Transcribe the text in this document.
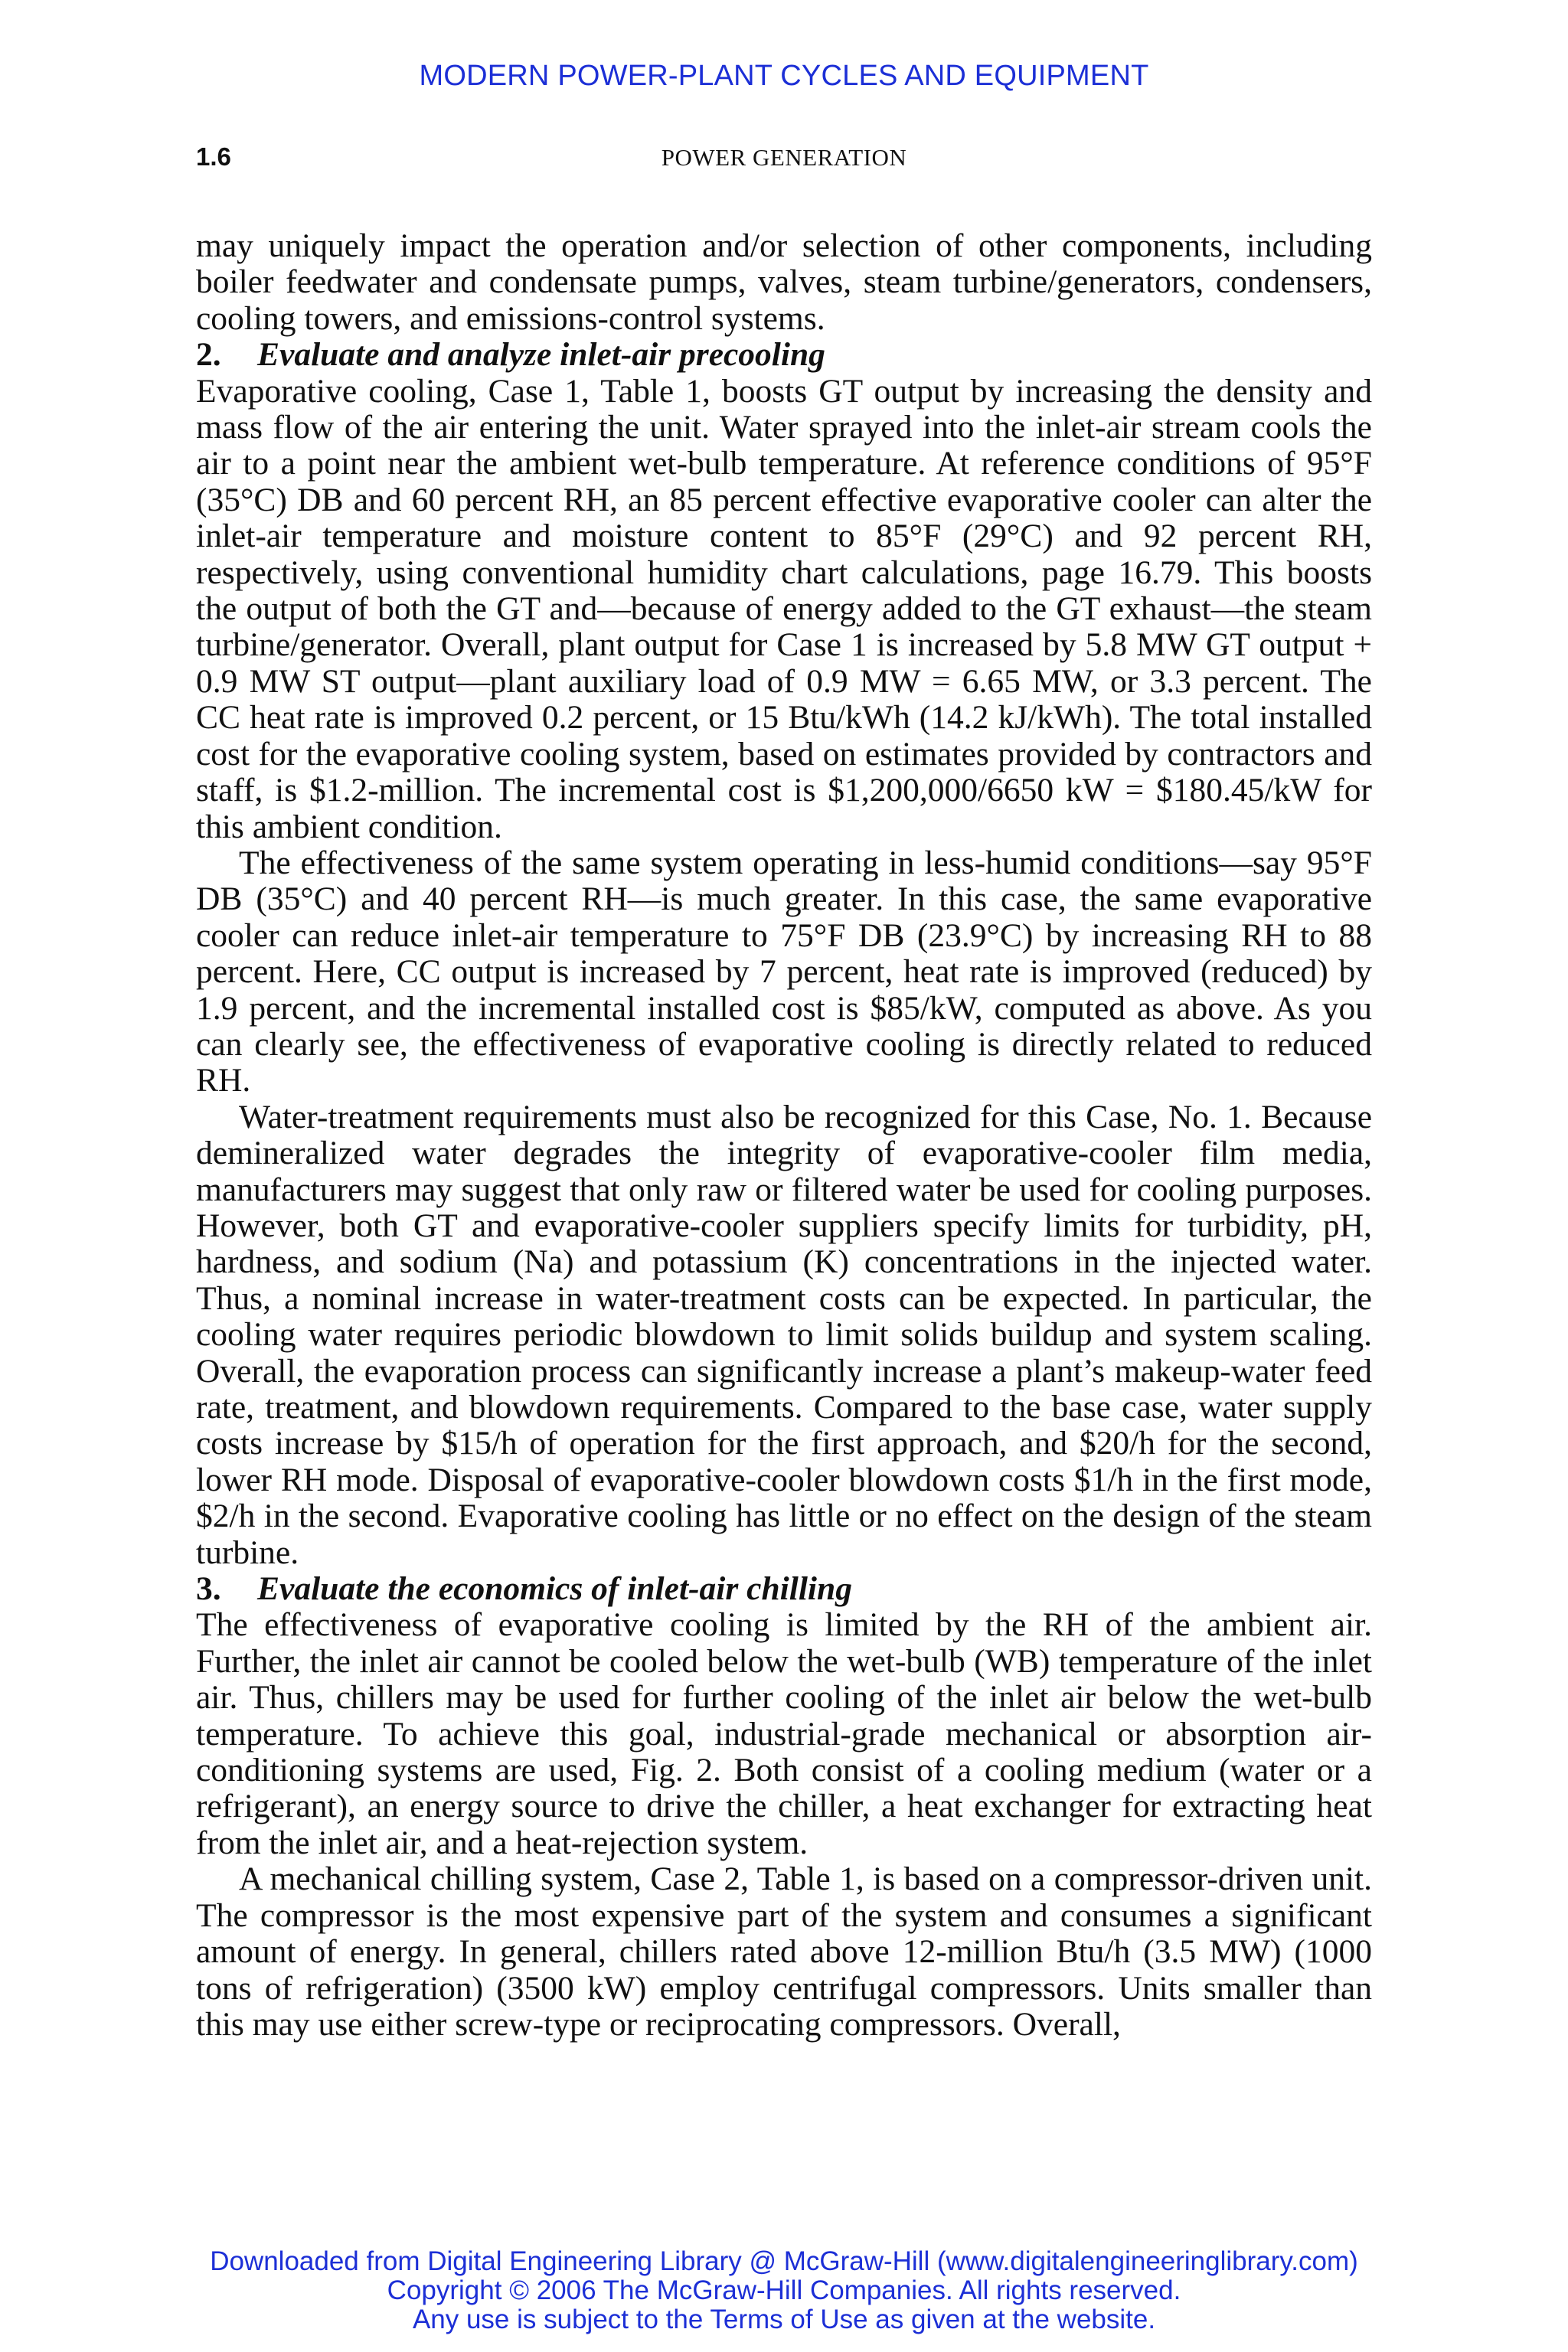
MODERN POWER-PLANT CYCLES AND EQUIPMENT
1.6	POWER GENERATION

may uniquely impact the operation and/or selection of other components, including boiler feedwater and condensate pumps, valves, steam turbine/generators, condensers, cooling towers, and emissions-control systems.

2. Evaluate and analyze inlet-air precooling

Evaporative cooling, Case 1, Table 1, boosts GT output by increasing the density and mass flow of the air entering the unit. Water sprayed into the inlet-air stream cools the air to a point near the ambient wet-bulb temperature. At reference conditions of 95°F (35°C) DB and 60 percent RH, an 85 percent effective evaporative cooler can alter the inlet-air temperature and moisture content to 85°F (29°C) and 92 percent RH, respectively, using conventional humidity chart calculations, page 16.79. This boosts the output of both the GT and—because of energy added to the GT exhaust—the steam turbine/generator. Overall, plant output for Case 1 is increased by 5.8 MW GT output + 0.9 MW ST output—plant auxiliary load of 0.9 MW = 6.65 MW, or 3.3 percent. The CC heat rate is improved 0.2 percent, or 15 Btu/kWh (14.2 kJ/kWh). The total installed cost for the evaporative cooling system, based on estimates provided by contractors and staff, is $1.2-million. The incremental cost is $1,200,000/6650 kW = $180.45/kW for this ambient condition.

The effectiveness of the same system operating in less-humid conditions—say 95°F DB (35°C) and 40 percent RH—is much greater. In this case, the same evaporative cooler can reduce inlet-air temperature to 75°F DB (23.9°C) by increasing RH to 88 percent. Here, CC output is increased by 7 percent, heat rate is improved (reduced) by 1.9 percent, and the incremental installed cost is $85/kW, computed as above. As you can clearly see, the effectiveness of evaporative cooling is directly related to reduced RH.

Water-treatment requirements must also be recognized for this Case, No. 1. Because demineralized water degrades the integrity of evaporative-cooler film media, manufacturers may suggest that only raw or filtered water be used for cooling purposes. However, both GT and evaporative-cooler suppliers specify limits for turbidity, pH, hardness, and sodium (Na) and potassium (K) concentrations in the injected water. Thus, a nominal increase in water-treatment costs can be expected. In particular, the cooling water requires periodic blowdown to limit solids buildup and system scaling. Overall, the evaporation process can significantly increase a plant’s makeup-water feed rate, treatment, and blowdown requirements. Compared to the base case, water supply costs increase by $15/h of operation for the first approach, and $20/h for the second, lower RH mode. Disposal of evaporative-cooler blowdown costs $1/h in the first mode, $2/h in the second. Evaporative cooling has little or no effect on the design of the steam turbine.

3. Evaluate the economics of inlet-air chilling

The effectiveness of evaporative cooling is limited by the RH of the ambient air. Further, the inlet air cannot be cooled below the wet-bulb (WB) temperature of the inlet air. Thus, chillers may be used for further cooling of the inlet air below the wet-bulb temperature. To achieve this goal, industrial-grade mechanical or absorption air-conditioning systems are used, Fig. 2. Both consist of a cooling medium (water or a refrigerant), an energy source to drive the chiller, a heat exchanger for extracting heat from the inlet air, and a heat-rejection system.

A mechanical chilling system, Case 2, Table 1, is based on a compressor-driven unit. The compressor is the most expensive part of the system and consumes a significant amount of energy. In general, chillers rated above 12-million Btu/h (3.5 MW) (1000 tons of refrigeration) (3500 kW) employ centrifugal compressors. Units smaller than this may use either screw-type or reciprocating compressors. Overall,

Downloaded from Digital Engineering Library @ McGraw-Hill (www.digitalengineeringlibrary.com)
Copyright © 2006 The McGraw-Hill Companies. All rights reserved.
Any use is subject to the Terms of Use as given at the website.
